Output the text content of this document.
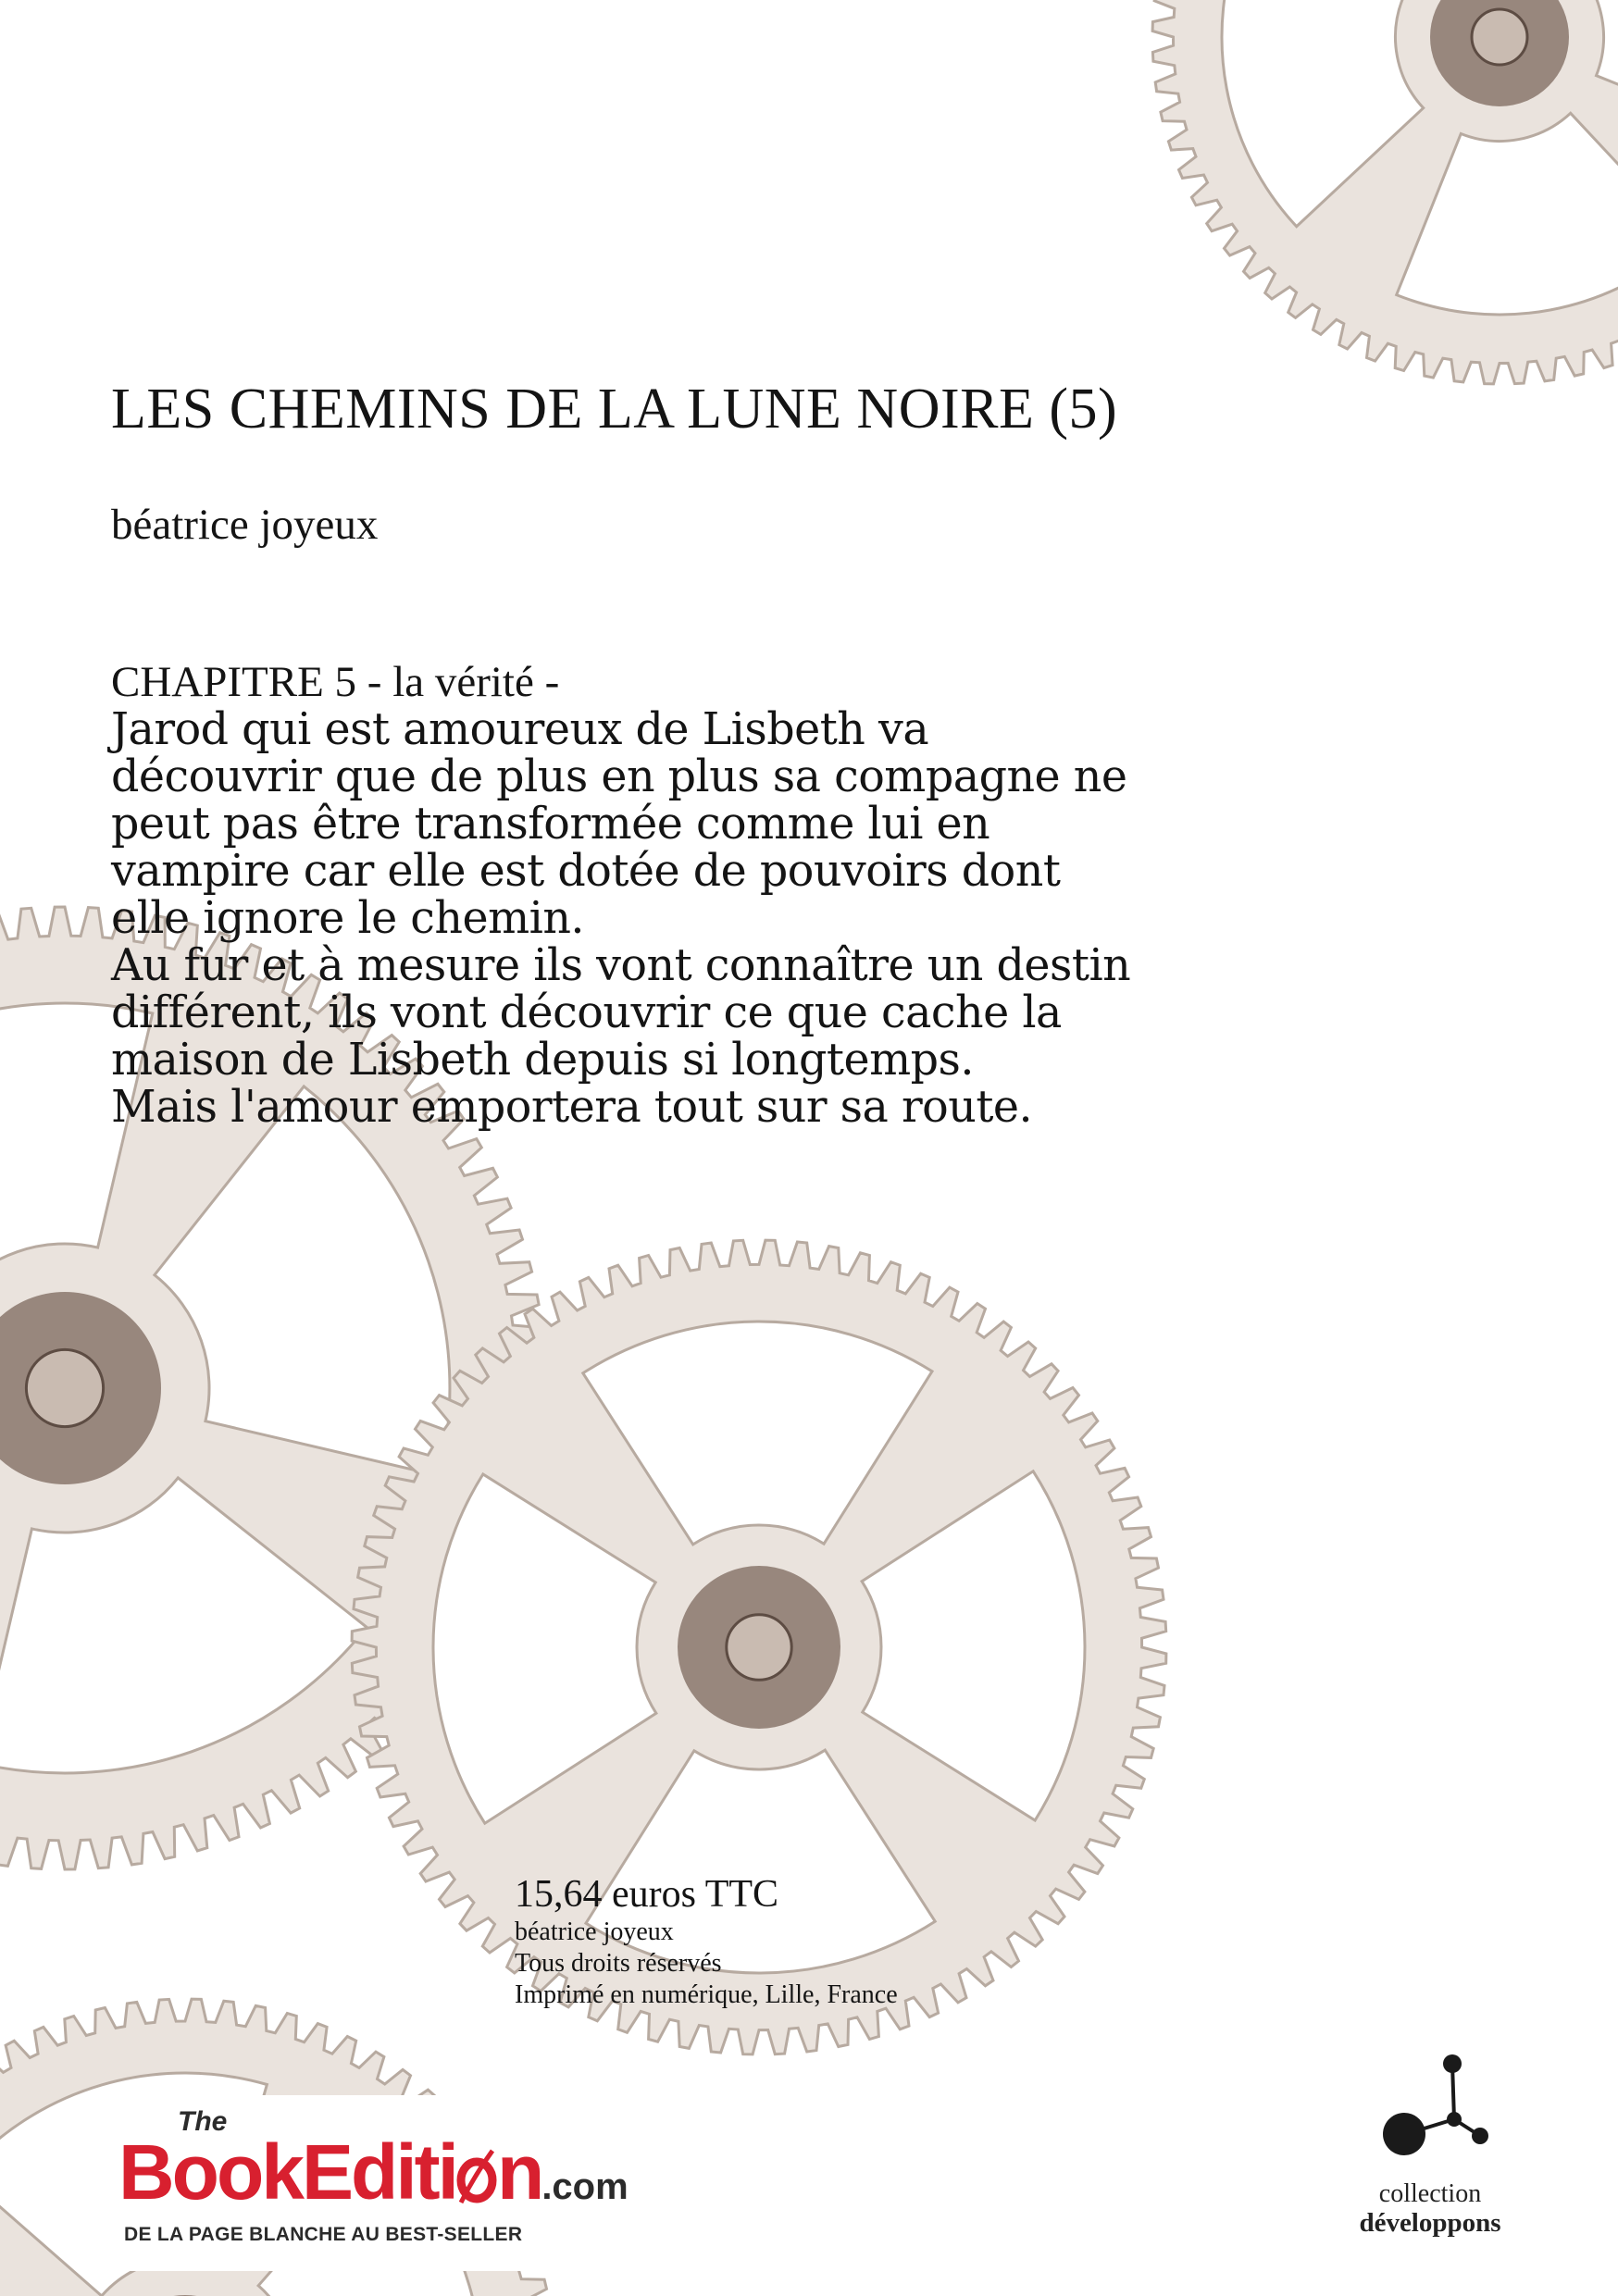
LES CHEMINS DE LA LUNE NOIRE (5)
béatrice joyeux
CHAPITRE 5 - la vérité -
Jarod qui est amoureux de Lisbeth va
découvrir que de plus en plus sa compagne ne
peut pas être transformée comme lui en
vampire car elle est dotée de pouvoirs dont
elle ignore le chemin.
Au fur et à mesure ils vont connaître un destin
différent, ils vont découvrir ce que cache la
maison de Lisbeth depuis si longtemps.
Mais l'amour emportera tout sur sa route.
15,64 euros TTC
béatrice joyeux
Tous droits réservés
Imprimé en numérique, Lille, France
The
BookEditi n.com
DE LA PAGE BLANCHE AU BEST-SELLER
collection
développons
